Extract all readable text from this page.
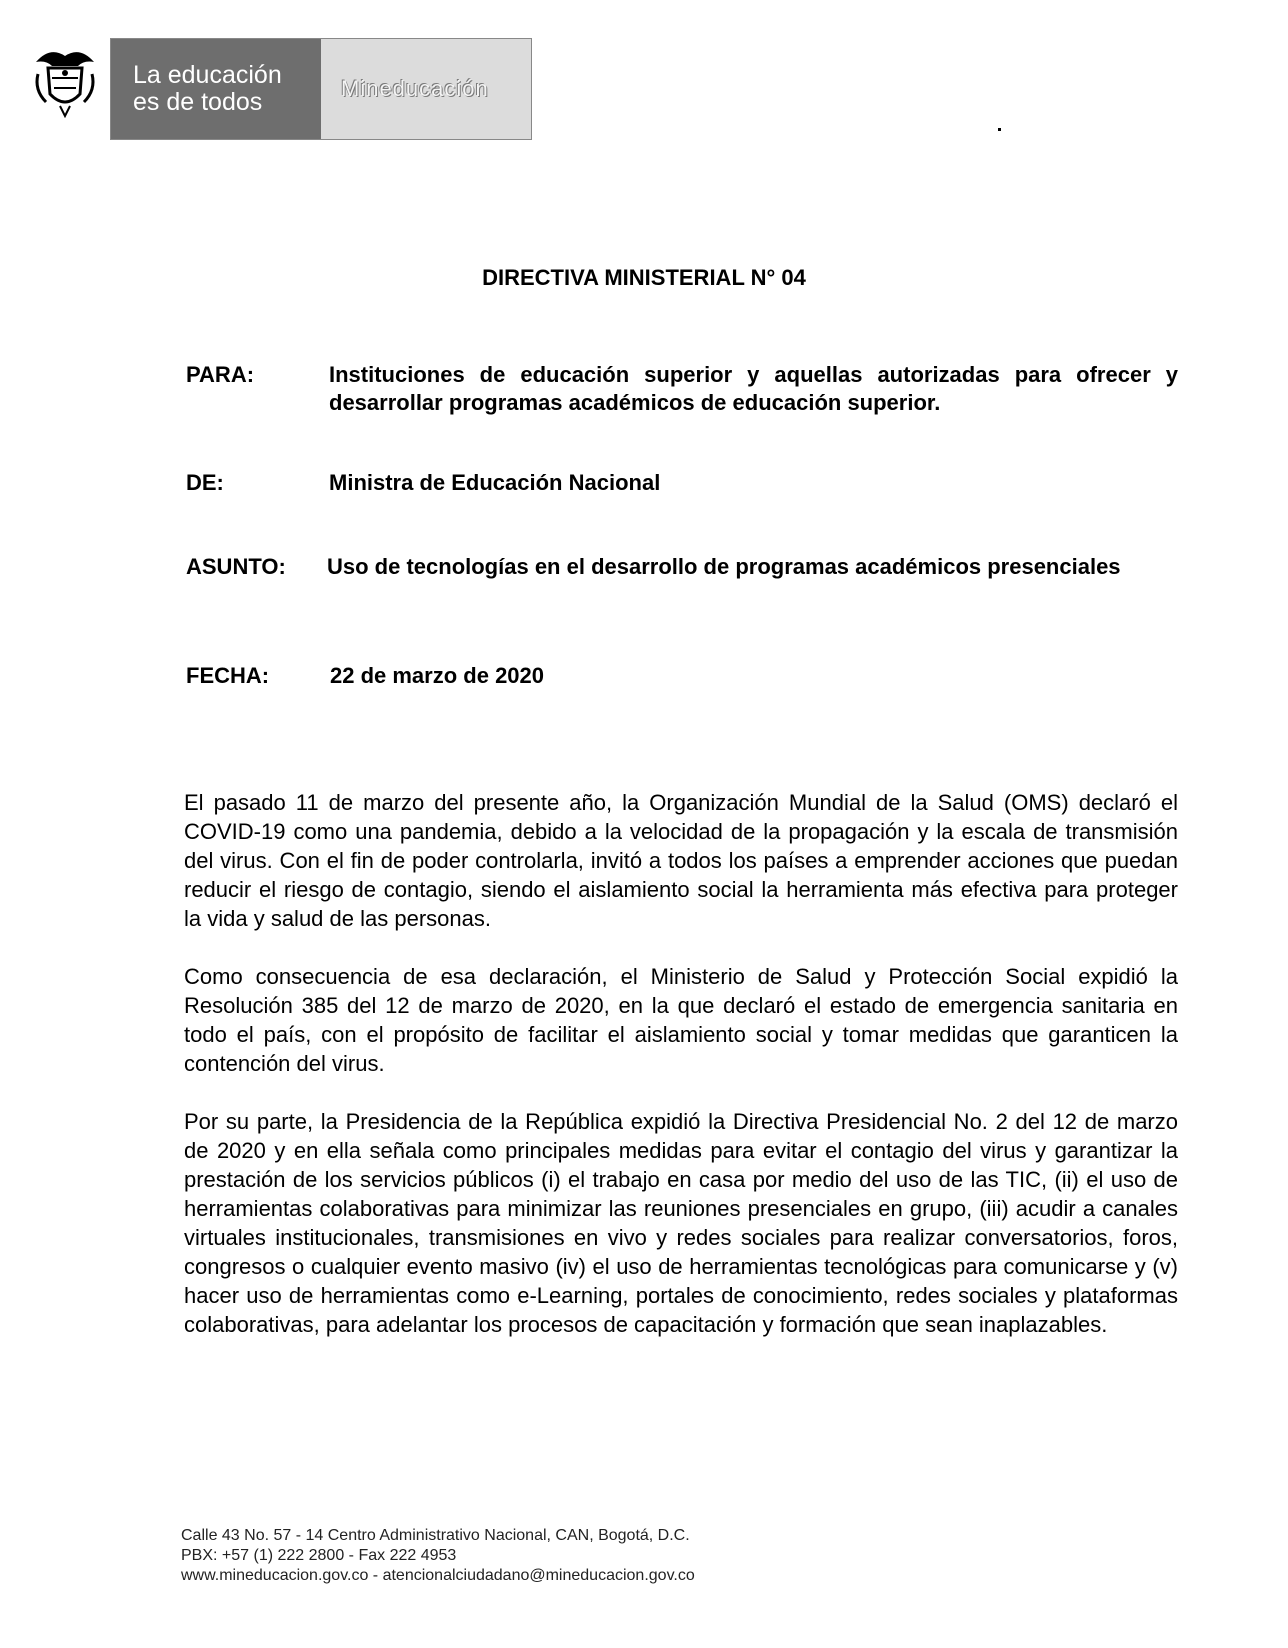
La educación
es de todos	Mineducación
DIRECTIVA MINISTERIAL N° 04
PARA:	Instituciones de educación superior y aquellas autorizadas para ofrecer y desarrollar programas académicos de educación superior.
DE:	Ministra de Educación Nacional
ASUNTO: Uso de tecnologías en el desarrollo de programas académicos presenciales
FECHA:	22 de marzo de 2020
El pasado 11 de marzo del presente año, la Organización Mundial de la Salud (OMS) declaró el COVID-19 como una pandemia, debido a la velocidad de la propagación y la escala de transmisión del virus. Con el fin de poder controlarla, invitó a todos los países a emprender acciones que puedan reducir el riesgo de contagio, siendo el aislamiento social la herramienta más efectiva para proteger la vida y salud de las personas.
Como consecuencia de esa declaración, el Ministerio de Salud y Protección Social expidió la Resolución 385 del 12 de marzo de 2020, en la que declaró el estado de emergencia sanitaria en todo el país, con el propósito de facilitar el aislamiento social y tomar medidas que garanticen la contención del virus.
Por su parte, la Presidencia de la República expidió la Directiva Presidencial No. 2 del 12 de marzo de 2020 y en ella señala como principales medidas para evitar el contagio del virus y garantizar la prestación de los servicios públicos (i) el trabajo en casa por medio del uso de las TIC, (ii) el uso de herramientas colaborativas para minimizar las reuniones presenciales en grupo, (iii) acudir a canales virtuales institucionales, transmisiones en vivo y redes sociales para realizar conversatorios, foros, congresos o cualquier evento masivo (iv) el uso de herramientas tecnológicas para comunicarse y (v) hacer uso de herramientas como e-Learning, portales de conocimiento, redes sociales y plataformas colaborativas, para adelantar los procesos de capacitación y formación que sean inaplazables.
Calle 43 No. 57 - 14 Centro Administrativo Nacional, CAN, Bogotá, D.C.
PBX: +57 (1) 222 2800 - Fax 222 4953
www.mineducacion.gov.co - atencionalciudadano@mineducacion.gov.co
